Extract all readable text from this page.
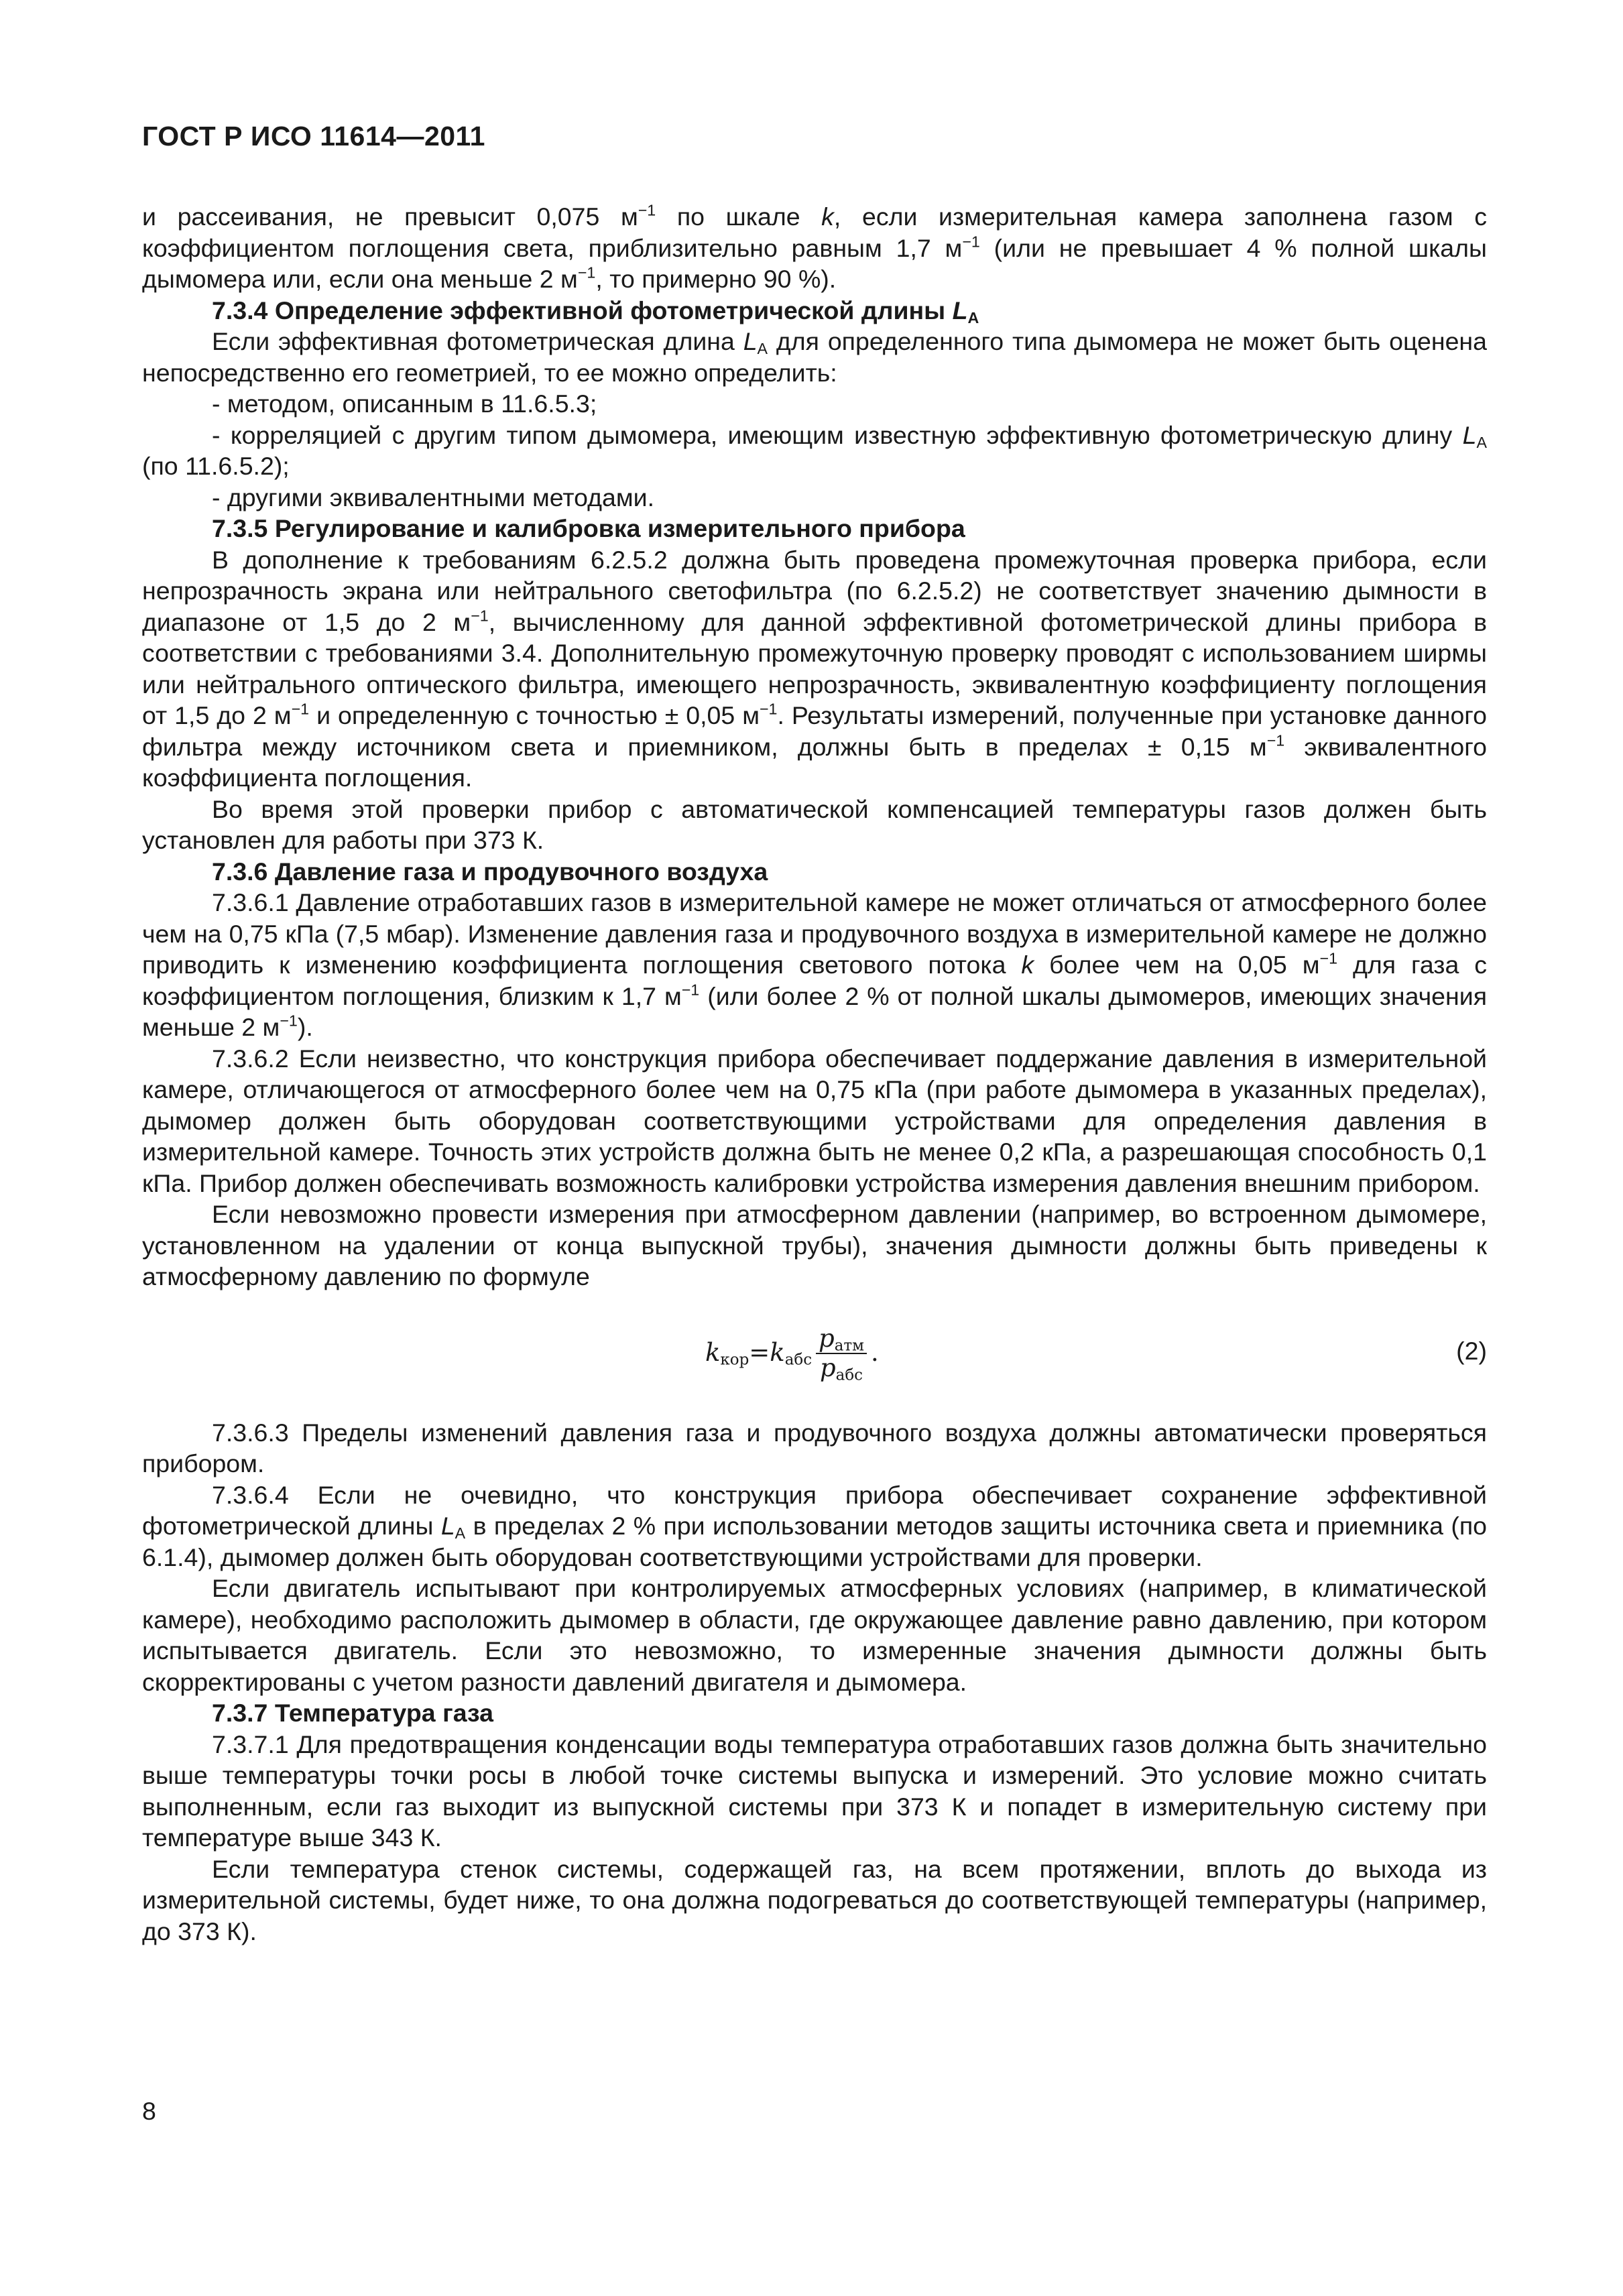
ГОСТ Р ИСО 11614—2011

и рассеивания, не превысит 0,075 $м^{-1}$ по шкале k, если измерительная камера заполнена газом с коэффициентом поглощения света, приблизительно равным 1,7 $м^{-1}$ (или не превышает 4 % полной шкалы дымомера или, если она меньше 2 $м^{-1}$, то примерно 90 %).

7.3.4 Определение эффективной фотометрической длины $L_A$

Если эффективная фотометрическая длина $L_A$ для определенного типа дымомера не может быть оценена непосредственно его геометрией, то ее можно определить:

- методом, описанным в 11.6.5.3;

- корреляцией с другим типом дымомера, имеющим известную эффективную фотометрическую длину $L_A$ (по 11.6.5.2);

- другими эквивалентными методами.

7.3.5 Регулирование и калибровка измерительного прибора

В дополнение к требованиям 6.2.5.2 должна быть проведена промежуточная проверка прибора, если непрозрачность экрана или нейтрального светофильтра (по 6.2.5.2) не соответствует значению дымности в диапазоне от 1,5 до 2 $м^{-1}$, вычисленному для данной эффективной фотометрической длины прибора в соответствии с требованиями 3.4. Дополнительную промежуточную проверку проводят с использованием ширмы или нейтрального оптического фильтра, имеющего непрозрачность, эквивалентную коэффициенту поглощения от 1,5 до 2 $м^{-1}$ и определенную с точностью ± 0,05 $м^{-1}$. Результаты измерений, полученные при установке данного фильтра между источником света и приемником, должны быть в пределах ± 0,15 $м^{-1}$ эквивалентного коэффициента поглощения.

Во время этой проверки прибор с автоматической компенсацией температуры газов должен быть установлен для работы при 373 К.

7.3.6 Давление газа и продувочного воздуха

7.3.6.1 Давление отработавших газов в измерительной камере не может отличаться от атмосферного более чем на 0,75 кПа (7,5 мбар). Изменение давления газа и продувочного воздуха в измерительной камере не должно приводить к изменению коэффициента поглощения светового потока k более чем на 0,05 $м^{-1}$ для газа с коэффициентом поглощения, близким к 1,7 $м^{-1}$ (или более 2 % от полной шкалы дымомеров, имеющих значения меньше 2 $м^{-1}$).

7.3.6.2 Если неизвестно, что конструкция прибора обеспечивает поддержание давления в измерительной камере, отличающегося от атмосферного более чем на 0,75 кПа (при работе дымомера в указанных пределах), дымомер должен быть оборудован соответствующими устройствами для определения давления в измерительной камере. Точность этих устройств должна быть не менее 0,2 кПа, а разрешающая способность 0,1 кПа. Прибор должен обеспечивать возможность калибровки устройства измерения давления внешним прибором.

Если невозможно провести измерения при атмосферном давлении (например, во встроенном дымомере, установленном на удалении от конца выпускной трубы), значения дымности должны быть приведены к атмосферному давлению по формуле

$k_{кор} = k_{абс} \frac{p_{атм}}{p_{абс}}$ .	(2)

7.3.6.3 Пределы изменений давления газа и продувочного воздуха должны автоматически проверяться прибором.

7.3.6.4 Если не очевидно, что конструкция прибора обеспечивает сохранение эффективной фотометрической длины $L_A$ в пределах 2 % при использовании методов защиты источника света и приемника (по 6.1.4), дымомер должен быть оборудован соответствующими устройствами для проверки.

Если двигатель испытывают при контролируемых атмосферных условиях (например, в климатической камере), необходимо расположить дымомер в области, где окружающее давление равно давлению, при котором испытывается двигатель. Если это невозможно, то измеренные значения дымности должны быть скорректированы с учетом разности давлений двигателя и дымомера.

7.3.7 Температура газа

7.3.7.1 Для предотвращения конденсации воды температура отработавших газов должна быть значительно выше температуры точки росы в любой точке системы выпуска и измерений. Это условие можно считать выполненным, если газ выходит из выпускной системы при 373 К и попадет в измерительную систему при температуре выше 343 К.

Если температура стенок системы, содержащей газ, на всем протяжении, вплоть до выхода из измерительной системы, будет ниже, то она должна подогреваться до соответствующей температуры (например, до 373 К).

8
